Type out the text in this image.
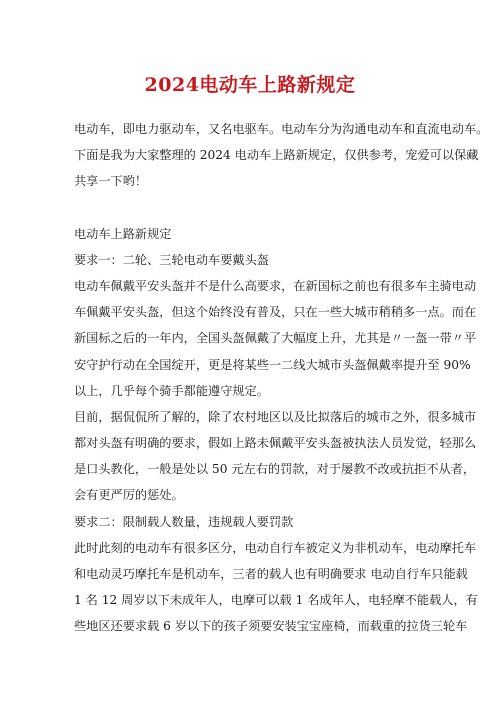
2024电动车上路新规定
电动车，即电力驱动车，又名电驱车。电动车分为沟通电动车和直流电动车。
下面是我为大家整理的 2024 电动车上路新规定，仅供参考，宠爱可以保藏
共享一下哟！
电动车上路新规定
要求一：二轮、三轮电动车要戴头盔
电动车佩戴平安头盔并不是什么高要求，在新国标之前也有很多车主骑电动
车佩戴平安头盔，但这个始终没有普及，只在一些大城市稍稍多一点。而在
新国标之后的一年内，全国头盔佩戴了大幅度上升，尤其是〃一盔一带〃平
安守护行动在全国绽开，更是将某些一二线大城市头盔佩戴率提升至 90%
以上，几乎每个骑手都能遵守规定。
目前，据侃侃所了解的，除了农村地区以及比拟落后的城市之外，很多城市
都对头盔有明确的要求，假如上路未佩戴平安头盔被执法人员发觉，轻那么
是口头教化，一般是处以 50 元左右的罚款，对于屡教不改或抗拒不从者，
会有更严厉的惩处。
要求二：限制载人数量，违规载人要罚款
此时此刻的电动车有很多区分，电动自行车被定义为非机动车，电动摩托车
和电动灵巧摩托车是机动车，三者的载人也有明确要求 电动自行车只能载
1 名 12 周岁以下未成年人，电摩可以载 1 名成年人，电轻摩不能载人，有
些地区还要求载 6 岁以下的孩子须要安装宝宝座椅，而载重的拉货三轮车
